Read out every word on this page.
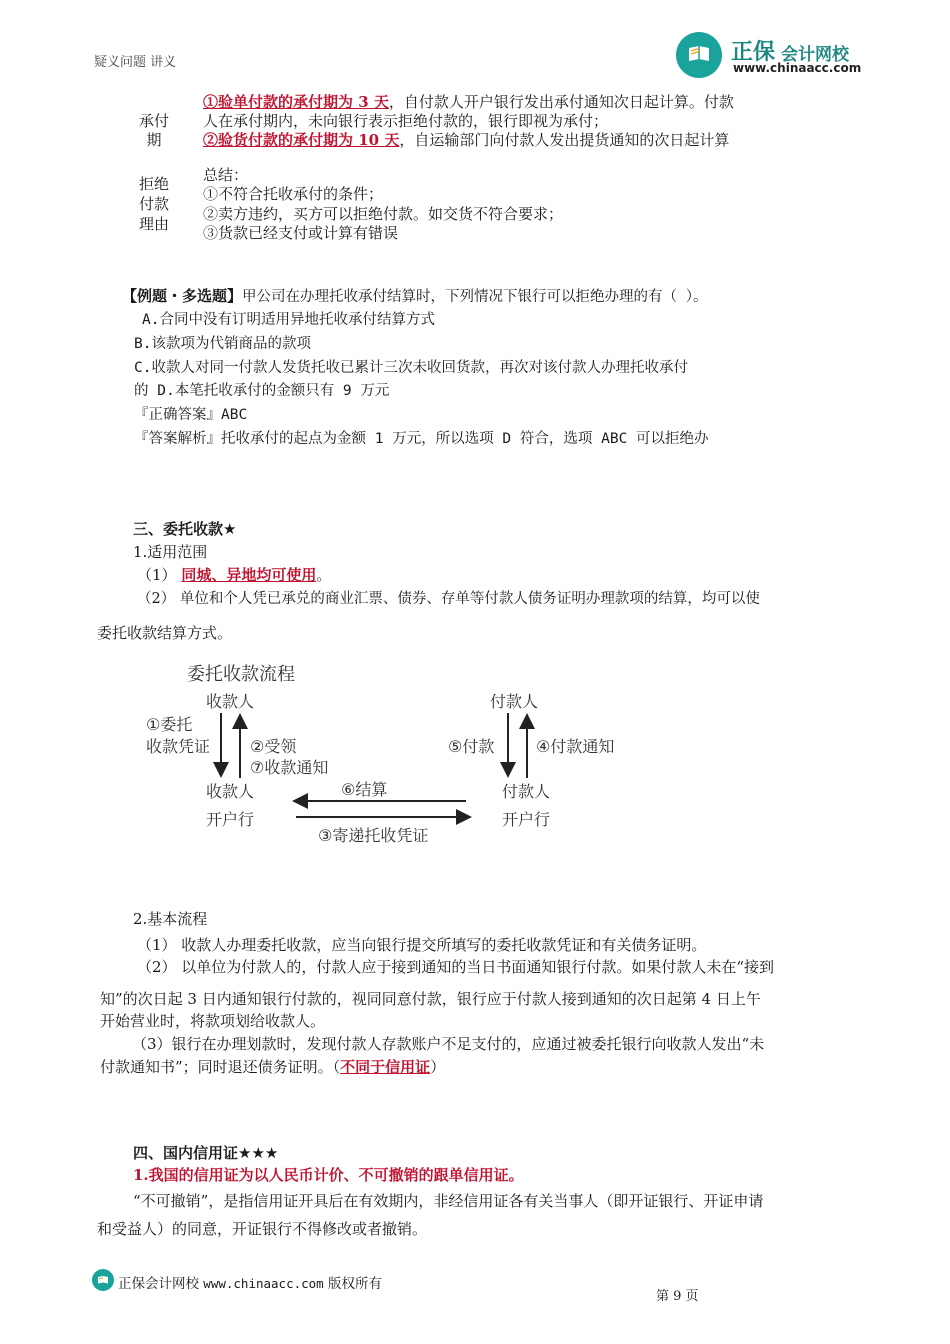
疑义问题 讲义	正保 会计网校
www.chinaacc.com
承付
期
①验单付款的承付期为 3 天，自付款人开户银行发出承付通知次日起计算。付款
人在承付期内，未向银行表示拒绝付款的，银行即视为承付；
②验货付款的承付期为 10 天，自运输部门向付款人发出提货通知的次日起计算
拒绝
付款
理由
总结：
①不符合托收承付的条件；
②卖方违约，买方可以拒绝付款。如交货不符合要求；
③货款已经支付或计算有错误
【例题・多选题】甲公司在办理托收承付结算时，下列情况下银行可以拒绝办理的有（ ）。
A.合同中没有订明适用异地托收承付结算方式
B.该款项为代销商品的款项
C.收款人对同一付款人发货托收已累计三次未收回货款，再次对该付款人办理托收承付
的 D.本笔托收承付的金额只有 9 万元
『正确答案』ABC
『答案解析』托收承付的起点为金额 1 万元，所以选项 D 符合，选项 ABC 可以拒绝办
三、委托收款★
1.适用范围
（1） 同城、异地均可使用。
（2） 单位和个人凭已承兑的商业汇票、债券、存单等付款人债务证明办理款项的结算，均可以使
委托收款结算方式。
委托收款流程
收款人
收款人
开户行
付款人
付款人
开户行
①委托
收款凭证 ②受领
⑦收款通知
⑤付款	④付款通知
⑥结算
③寄递托收凭证
2.基本流程
（1） 收款人办理委托收款，应当向银行提交所填写的委托收款凭证和有关债务证明。
（2） 以单位为付款人的，付款人应于接到通知的当日书面通知银行付款。如果付款人未在“接到
知”的次日起 3 日内通知银行付款的，视同同意付款，银行应于付款人接到通知的次日起第 4 日上午
开始营业时，将款项划给收款人。
（3）银行在办理划款时，发现付款人存款账户不足支付的，应通过被委托银行向收款人发出“未
付款通知书”；同时退还债务证明。（不同于信用证）
四、国内信用证★★★
1.我国的信用证为以人民币计价、不可撤销的跟单信用证。
“不可撤销”，是指信用证开具后在有效期内，非经信用证各有关当事人（即开证银行、开证申请
和受益人）的同意，开证银行不得修改或者撤销。
正保会计网校 www.chinaacc.com 版权所有
第 9 页
